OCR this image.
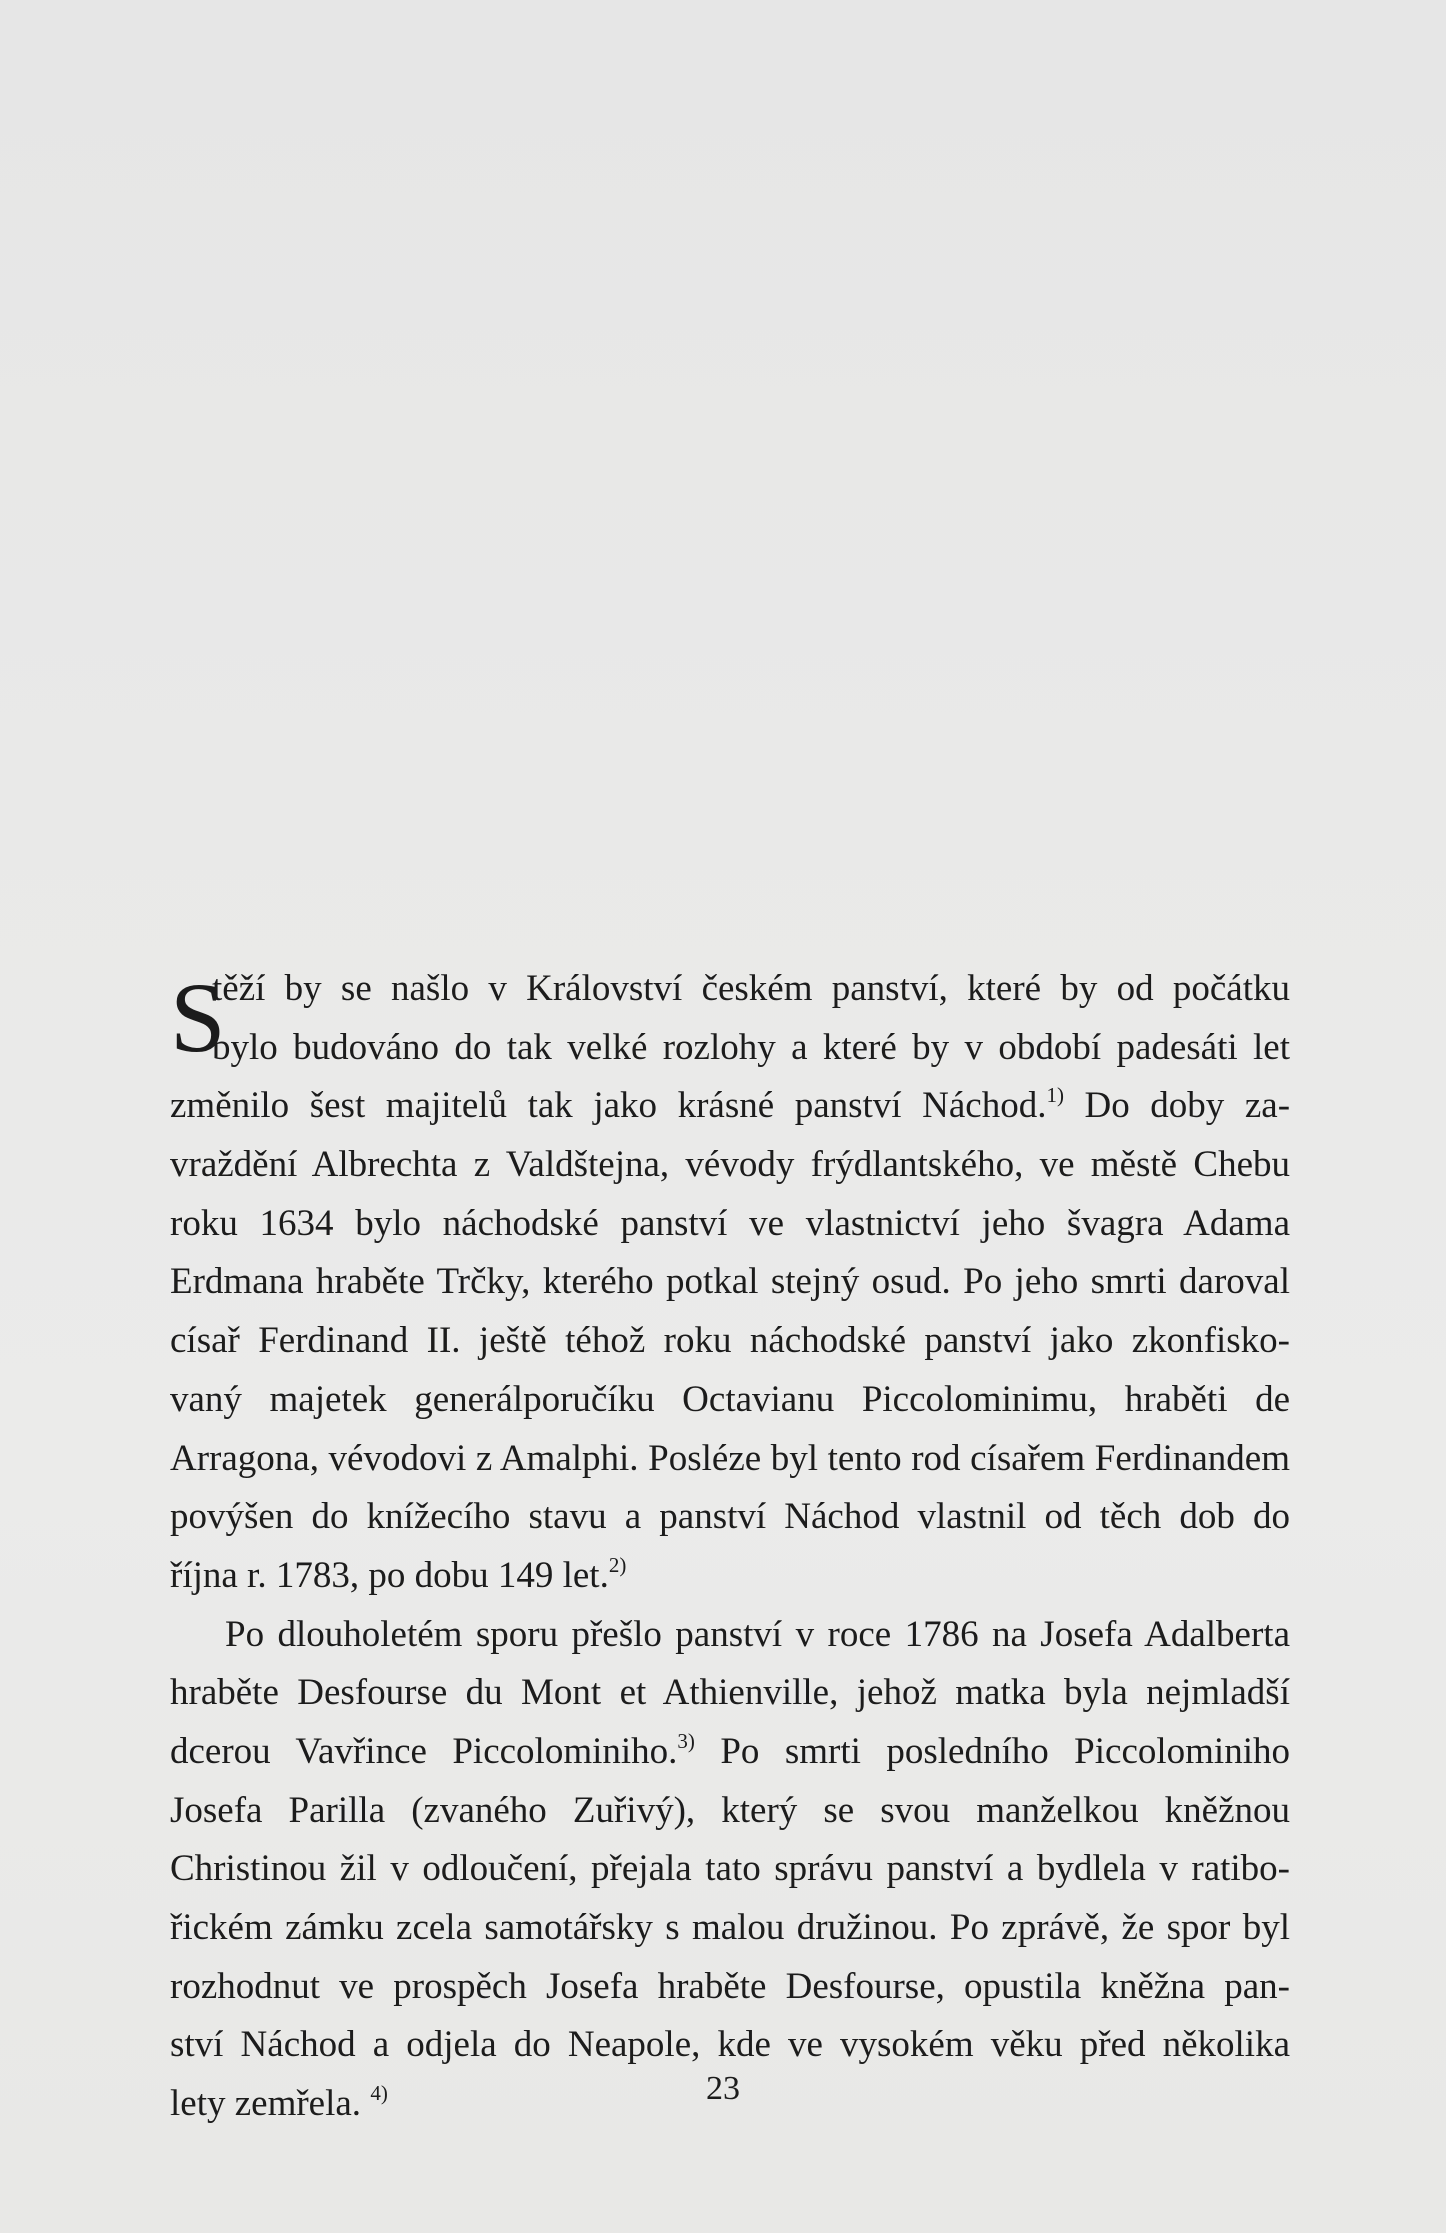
S
těží by se našlo v Království českém panství, které by od počátku
bylo budováno do tak velké rozlohy a které by v období padesáti let
změnilo šest majitelů tak jako krásné panství Náchod.$^{1)}$ Do doby za-
vraždění Albrechta z Valdštejna, vévody frýdlantského, ve městě Chebu
roku 1634 bylo náchodské panství ve vlastnictví jeho švagra Adama
Erdmana hraběte Trčky, kterého potkal stejný osud. Po jeho smrti daroval
císař Ferdinand II. ještě téhož roku náchodské panství jako zkonfisko-
vaný majetek generálporučíku Octavianu Piccolominimu, hraběti de
Arragona, vévodovi z Amalphi. Posléze byl tento rod císařem Ferdinandem
povýšen do knížecího stavu a panství Náchod vlastnil od těch dob do
října r. 1783, po dobu 149 let.$^{2)}$
Po dlouholetém sporu přešlo panství v roce 1786 na Josefa Adalberta
hraběte Desfourse du Mont et Athienville, jehož matka byla nejmladší
dcerou Vavřince Piccolominiho.$^{3)}$ Po smrti posledního Piccolominiho
Josefa Parilla (zvaného Zuřivý), který se svou manželkou kněžnou
Christinou žil v odloučení, přejala tato správu panství a bydlela v ratibo-
řickém zámku zcela samotářsky s malou družinou. Po zprávě, že spor byl
rozhodnut ve prospěch Josefa hraběte Desfourse, opustila kněžna pan-
ství Náchod a odjela do Neapole, kde ve vysokém věku před několika
lety zemřela. $^{4)}$	23
